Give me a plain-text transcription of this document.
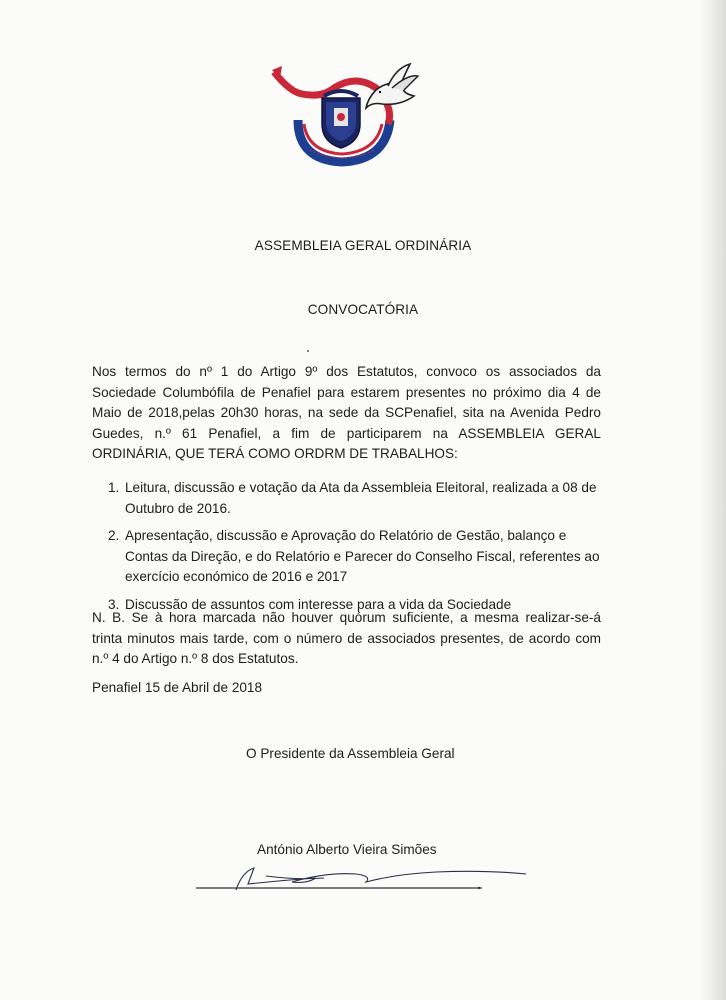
ASSEMBLEIA GERAL ORDINÁRIA
CONVOCATÓRIA

Nos termos do nº 1 do Artigo 9º dos Estatutos, convoco os associados da Sociedade Columbófila de Penafiel para estarem presentes no próximo dia 4 de Maio de 2018,pelas 20h30 horas, na sede da SCPenafiel, sita na Avenida Pedro Guedes, n.º 61 Penafiel, a fim de participarem na ASSEMBLEIA GERAL ORDINÁRIA, QUE TERÁ COMO ORDRM DE TRABALHOS:

1. Leitura, discussão e votação da Ata da Assembleia Eleitoral, realizada a 08 de Outubro de 2016.
2. Apresentação, discussão e Aprovação do Relatório de Gestão, balanço e Contas da Direção, e do Relatório e Parecer do Conselho Fiscal, referentes ao exercício económico de 2016 e 2017
3. Discussão de assuntos com interesse para a vida da Sociedade

N. B. Se à hora marcada não houver quórum suficiente, a mesma realizar-se-á trinta minutos mais tarde, com o número de associados presentes, de acordo com n.º 4 do Artigo n.º 8 dos Estatutos.

Penafiel 15 de Abril de 2018
O Presidente da Assembleia Geral
António Alberto Vieira Simões
